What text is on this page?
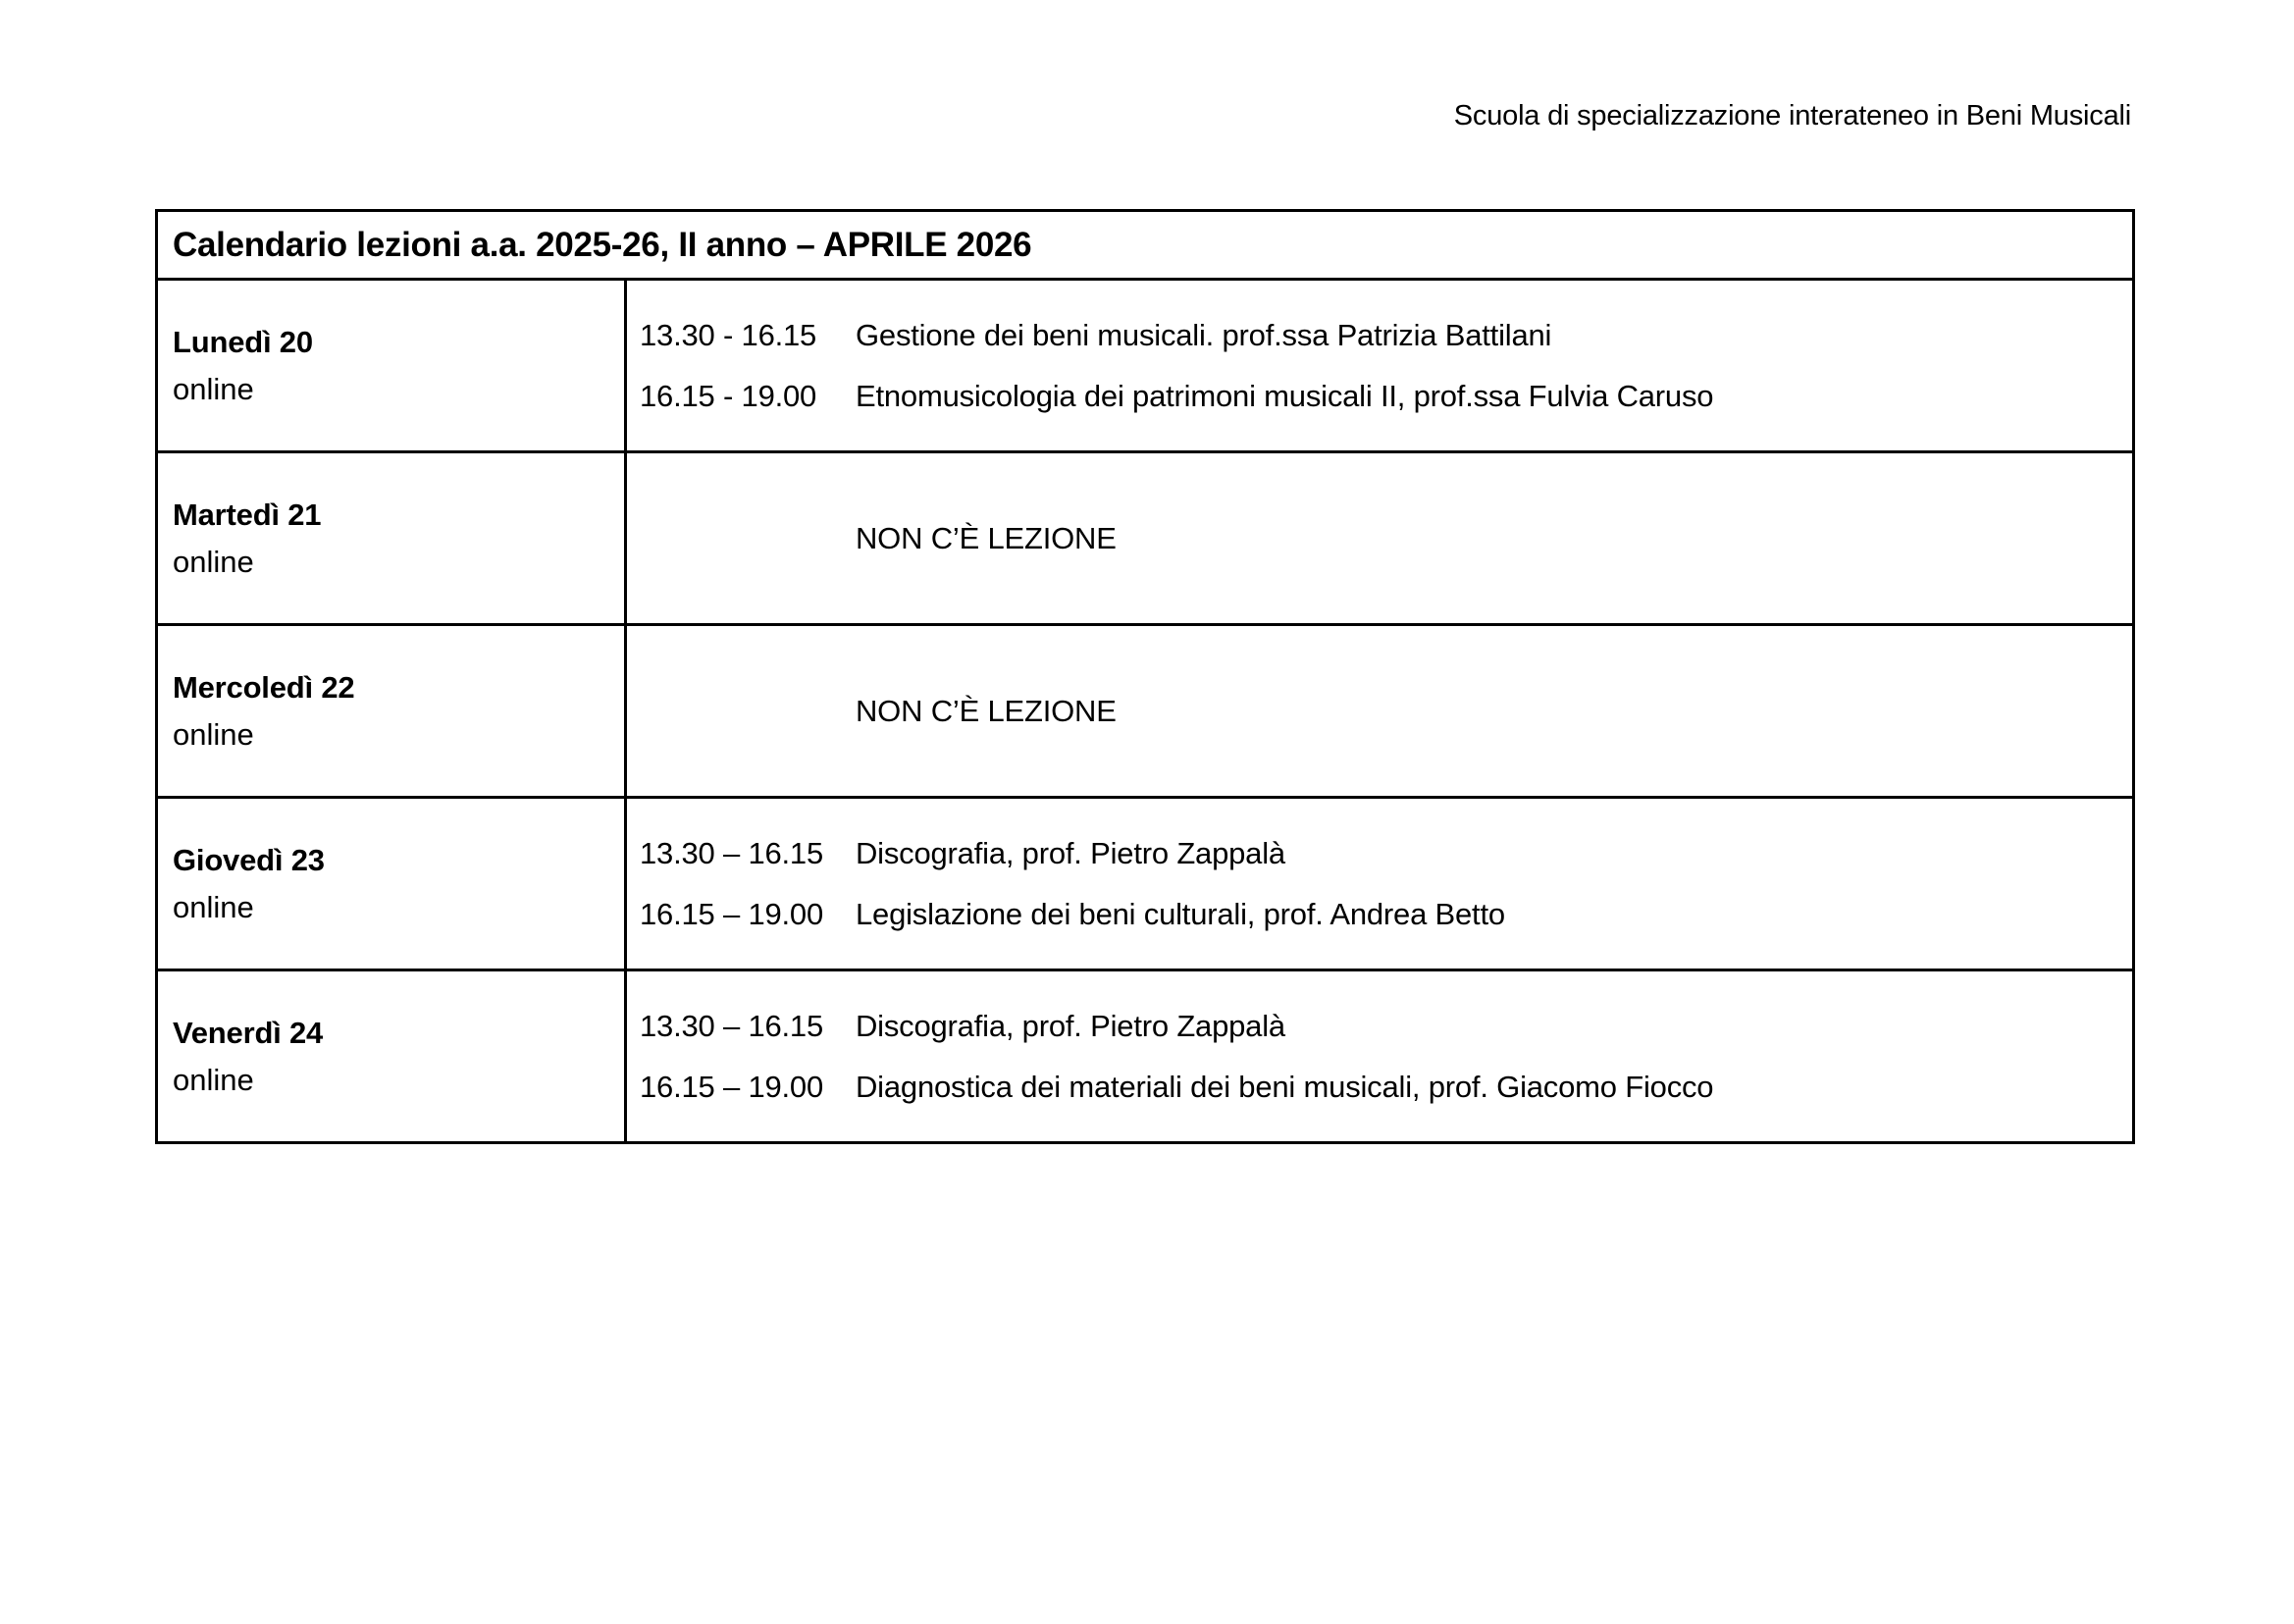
Scuola di specializzazione interateneo in Beni Musicali
Calendario lezioni a.a. 2025-26, II anno – APRILE 2026
Lunedì 20
online
13.30 - 16.15	Gestione dei beni musicali. prof.ssa Patrizia Battilani
16.15 - 19.00	Etnomusicologia dei patrimoni musicali II, prof.ssa Fulvia Caruso
Martedì 21
online
NON C’È LEZIONE
Mercoledì 22
online
NON C’È LEZIONE
Giovedì 23
online
13.30 – 16.15	Discografia, prof. Pietro Zappalà
16.15 – 19.00	Legislazione dei beni culturali, prof. Andrea Betto
Venerdì 24
online
13.30 – 16.15	Discografia, prof. Pietro Zappalà
16.15 – 19.00	Diagnostica dei materiali dei beni musicali, prof. Giacomo Fiocco
